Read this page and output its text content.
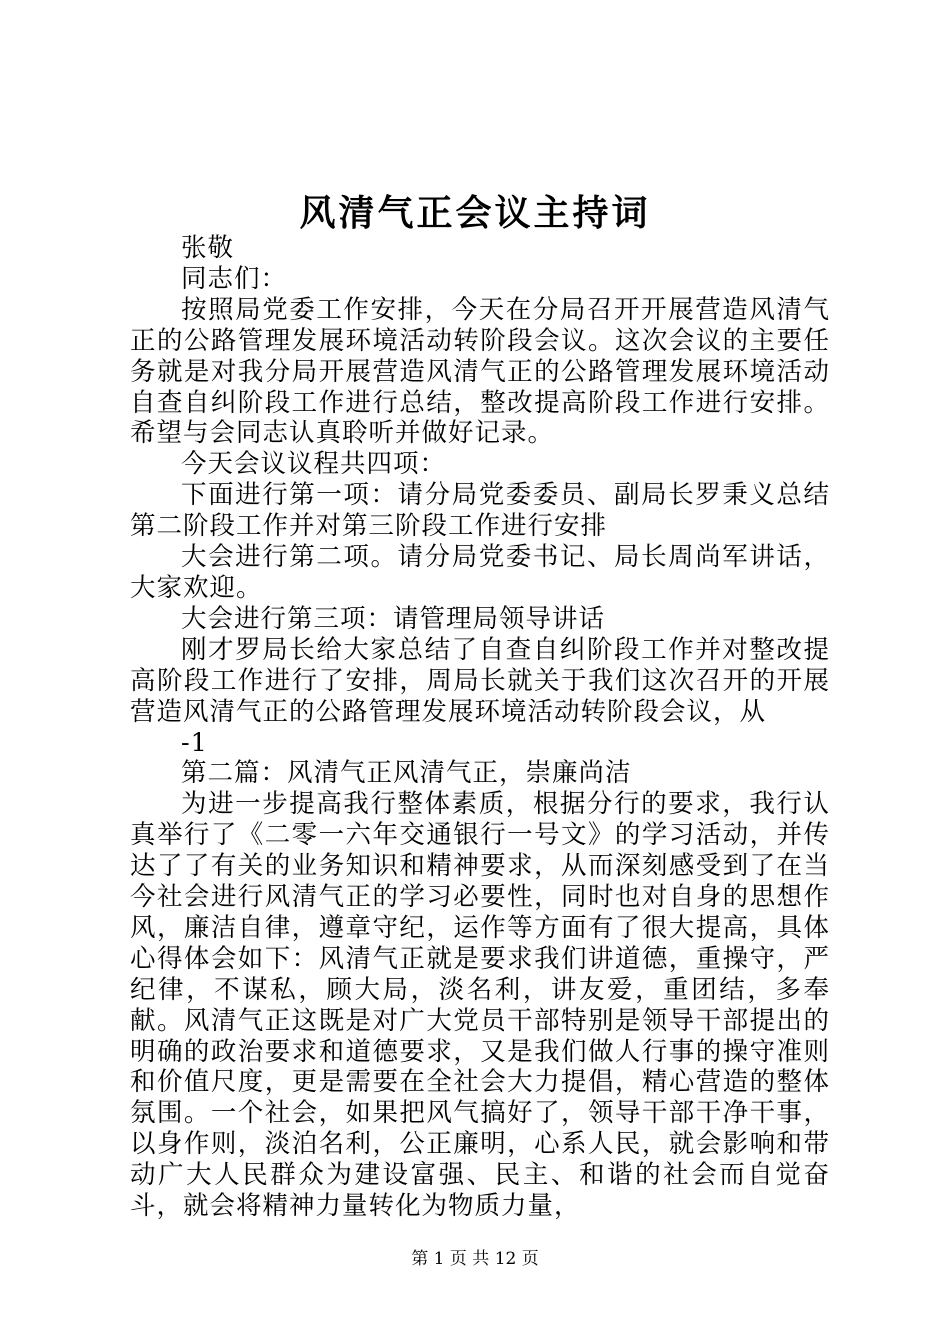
风清气正会议主持词

张敬

同志们：

按照局党委工作安排，今天在分局召开开展营造风清气正的公路管理发展环境活动转阶段会议。这次会议的主要任务就是对我分局开展营造风清气正的公路管理发展环境活动自查自纠阶段工作进行总结，整改提高阶段工作进行安排。希望与会同志认真聆听并做好记录。

今天会议议程共四项：

下面进行第一项：请分局党委委员、副局长罗秉义总结第二阶段工作并对第三阶段工作进行安排

大会进行第二项。请分局党委书记、局长周尚军讲话，大家欢迎。

大会进行第三项：请管理局领导讲话

刚才罗局长给大家总结了自查自纠阶段工作并对整改提高阶段工作进行了安排，周局长就关于我们这次召开的开展营造风清气正的公路管理发展环境活动转阶段会议，从

-1

第二篇：风清气正风清气正，崇廉尚洁

为进一步提高我行整体素质，根据分行的要求，我行认真举行了《二零一六年交通银行一号文》的学习活动，并传达了了有关的业务知识和精神要求，从而深刻感受到了在当今社会进行风清气正的学习必要性，同时也对自身的思想作风，廉洁自律，遵章守纪，运作等方面有了很大提高，具体心得体会如下：风清气正就是要求我们讲道德，重操守，严纪律，不谋私，顾大局，淡名利，讲友爱，重团结，多奉献。风清气正这既是对广大党员干部特别是领导干部提出的明确的政治要求和道德要求，又是我们做人行事的操守准则和价值尺度，更是需要在全社会大力提倡，精心营造的整体氛围。一个社会，如果把风气搞好了，领导干部干净干事，以身作则，淡泊名利，公正廉明，心系人民，就会影响和带动广大人民群众为建设富强、民主、和谐的社会而自觉奋斗，就会将精神力量转化为物质力量，

第 1 页 共 12 页
